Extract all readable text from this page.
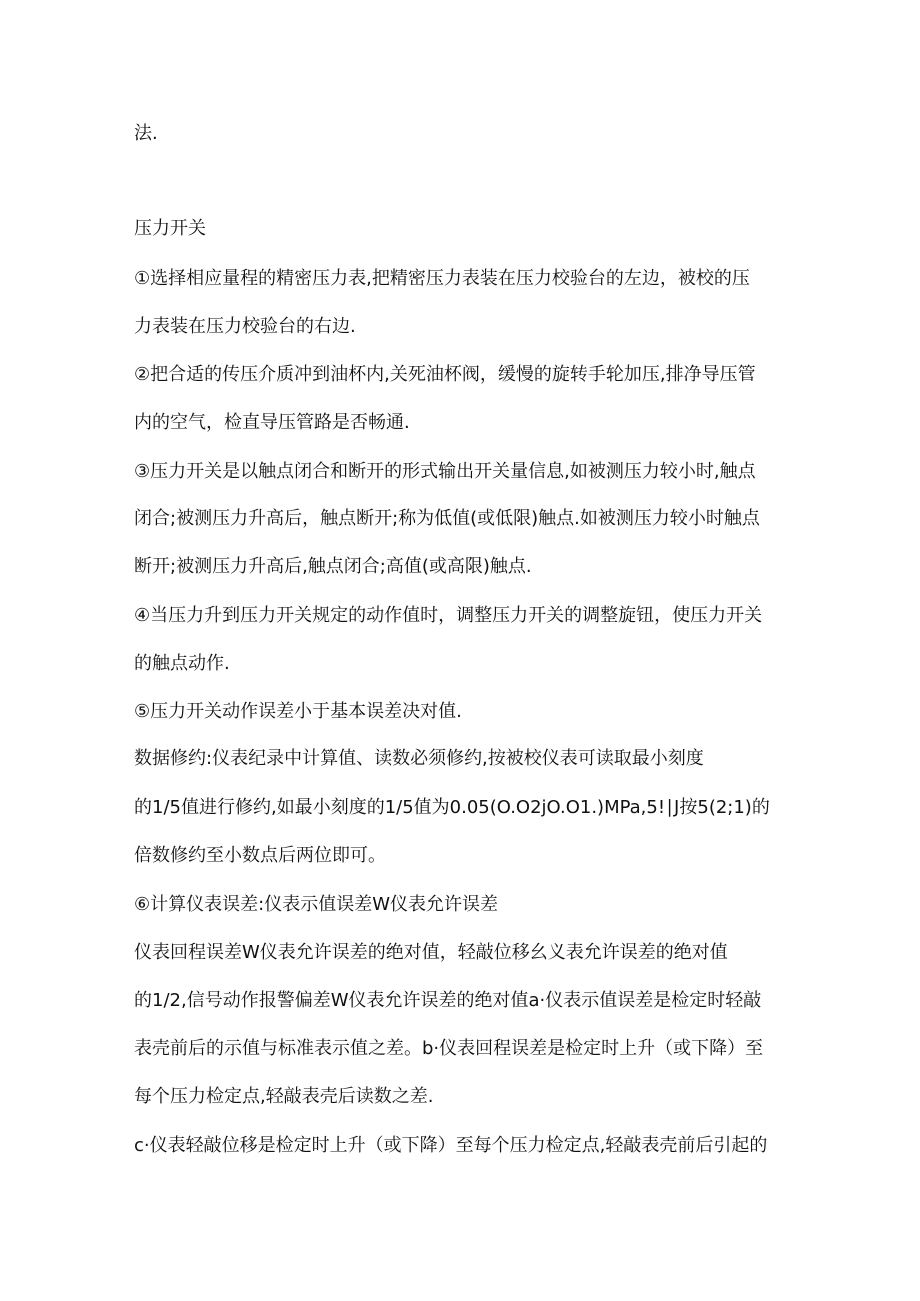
法.
压力开关
①选择相应量程的精密压力表,把精密压力表装在压力校验台的左边，被校的压
力表装在压力校验台的右边.
②把合适的传压介质冲到油杯内,关死油杯阀，缓慢的旋转手轮加压,排净导压管
内的空气，检直导压管路是否畅通.
③压力开关是以触点闭合和断开的形式输出开关量信息,如被测压力较小时,触点
闭合;被测压力升高后，触点断开;称为低值(或低限)触点.如被测压力较小时触点
断开;被测压力升高后,触点闭合;高值(或高限)触点.
④当压力升到压力开关规定的动作值时，调整压力开关的调整旋钮，使压力开关
的触点动作.
⑤压力开关动作误差小于基本误差决对值.
数据修约:仪表纪录中计算值、读数必须修约,按被校仪表可读取最小刻度
的1/5值进行修约,如最小刻度的1/5值为0.05(O.O2jO.O1.)MPa,5!∣J按5(2;1)的
倍数修约至小数点后两位即可。
⑥计算仪表误差:仪表示值误差W仪表允许误差
仪表回程误差W仪表允许误差的绝对值，轻敲位移幺义表允许误差的绝对值
的1/2,信号动作报警偏差W仪表允许误差的绝对值a·仪表示值误差是检定时轻敲
表壳前后的示值与标准表示值之差。b·仪表回程误差是检定时上升（或下降）至
每个压力检定点,轻敲表壳后读数之差.
c·仪表轻敲位移是检定时上升（或下降）至每个压力检定点,轻敲表壳前后引起的
